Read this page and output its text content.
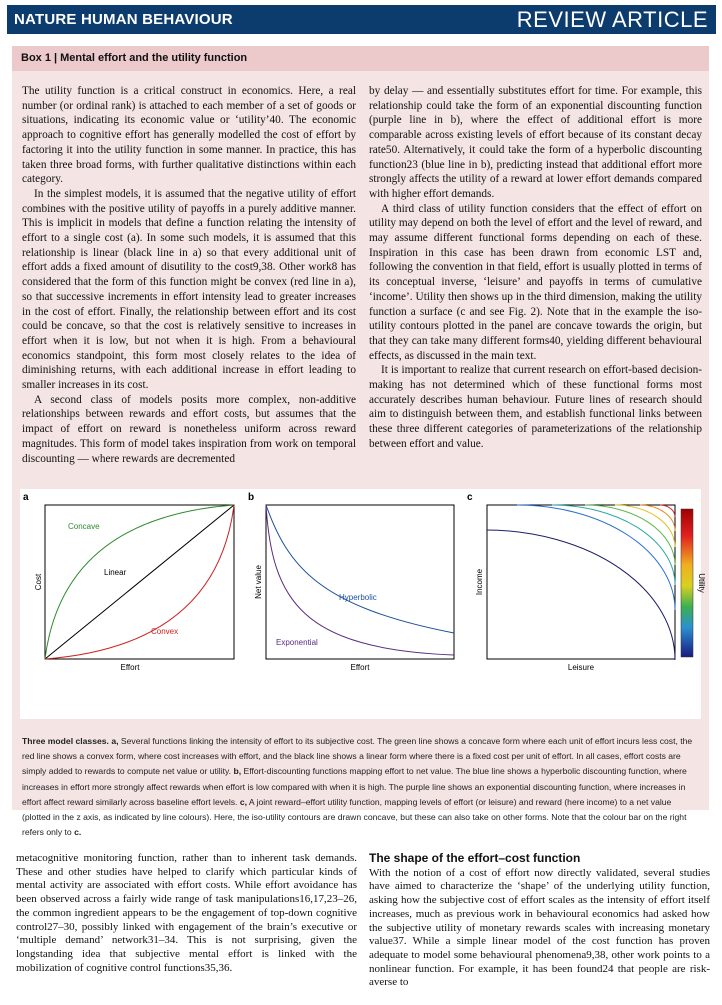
NATURE HUMAN BEHAVIOUR	REVIEW ARTICLE
Box 1 | Mental effort and the utility function

The utility function is a critical construct in economics. Here, a real number (or ordinal rank) is attached to each member of a set of goods or situations, indicating its economic value or ‘utility’40. The economic approach to cognitive effort has generally modelled the cost of effort by factoring it into the utility function in some manner. In practice, this has taken three broad forms, with further qualitative distinctions within each category.

In the simplest models, it is assumed that the negative utility of effort combines with the positive utility of payoffs in a purely additive manner. This is implicit in models that define a function relating the intensity of effort to a single cost (a). In some such models, it is assumed that this relationship is linear (black line in a) so that every additional unit of effort adds a fixed amount of disutility to the cost9,38. Other work8 has considered that the form of this function might be convex (red line in a), so that successive increments in effort intensity lead to greater increases in the cost of effort. Finally, the relationship between effort and its cost could be concave, so that the cost is relatively sensitive to increases in effort when it is low, but not when it is high. From a behavioural economics standpoint, this form most closely relates to the idea of diminishing returns, with each additional increase in effort leading to smaller increases in its cost.

A second class of models posits more complex, non-additive relationships between rewards and effort costs, but assumes that the impact of effort on reward is nonetheless uniform across reward magnitudes. This form of model takes inspiration from work on temporal discounting — where rewards are decremented

by delay — and essentially substitutes effort for time. For example, this relationship could take the form of an exponential discounting function (purple line in b), where the effect of additional effort is more comparable across existing levels of effort because of its constant decay rate50. Alternatively, it could take the form of a hyperbolic discounting function23 (blue line in b), predicting instead that additional effort more strongly affects the utility of a reward at lower effort demands compared with higher effort demands.

A third class of utility function considers that the effect of effort on utility may depend on both the level of effort and the level of reward, and may assume different functional forms depending on each of these. Inspiration in this case has been drawn from economic LST and, following the convention in that field, effort is usually plotted in terms of its conceptual inverse, ‘leisure’ and payoffs in terms of cumulative ‘income’. Utility then shows up in the third dimension, making the utility function a surface (c and see Fig. 2). Note that in the example the iso-utility contours plotted in the panel are concave towards the origin, but that they can take many different forms40, yielding different behavioural effects, as discussed in the main text.

It is important to realize that current research on effort-based decision-making has not determined which of these functional forms most accurately describes human behaviour. Future lines of research should aim to distinguish between them, and establish functional links between these three different categories of parameterizations of the relationship between effort and value.

a
Concave
Linear
Convex
Effort
Cost
b
Hyperbolic
Exponential
Effort
Net value
c
Leisure
Income	Utility
Three model classes. a, Several functions linking the intensity of effort to its subjective cost. The green line shows a concave form where each unit of effort incurs less cost, the red line shows a convex form, where cost increases with effort, and the black line shows a linear form where there is a fixed cost per unit of effort. In all cases, effort costs are simply added to rewards to compute net value or utility. b, Effort-discounting functions mapping effort to net value. The blue line shows a hyperbolic discounting function, where increases in effort more strongly affect rewards when effort is low compared with when it is high. The purple line shows an exponential discounting function, where increases in effort affect reward similarly across baseline effort levels. c, A joint reward–effort utility function, mapping levels of effort (or leisure) and reward (here income) to a net value (plotted in the z axis, as indicated by line colours). Here, the iso-utility contours are drawn concave, but these can also take on other forms. Note that the colour bar on the right refers only to c.

metacognitive monitoring function, rather than to inherent task demands. These and other studies have helped to clarify which particular kinds of mental activity are associated with effort costs. While effort avoidance has been observed across a fairly wide range of task manipulations16,17,23–26, the common ingredient appears to be the engagement of top-down cognitive control27–30, possibly linked with engagement of the brain’s executive or ‘multiple demand’ network31–34. This is not surprising, given the longstanding idea that subjective mental effort is linked with the mobilization of cognitive control functions35,36.

The shape of the effort–cost function

With the notion of a cost of effort now directly validated, several studies have aimed to characterize the ‘shape’ of the underlying utility function, asking how the subjective cost of effort scales as the intensity of effort itself increases, much as previous work in behavioural economics had asked how the subjective utility of monetary rewards scales with increasing monetary value37. While a simple linear model of the cost function has proven adequate to model some behavioural phenomena9,38, other work points to a nonlinear function. For example, it has been found24 that people are risk-averse to
